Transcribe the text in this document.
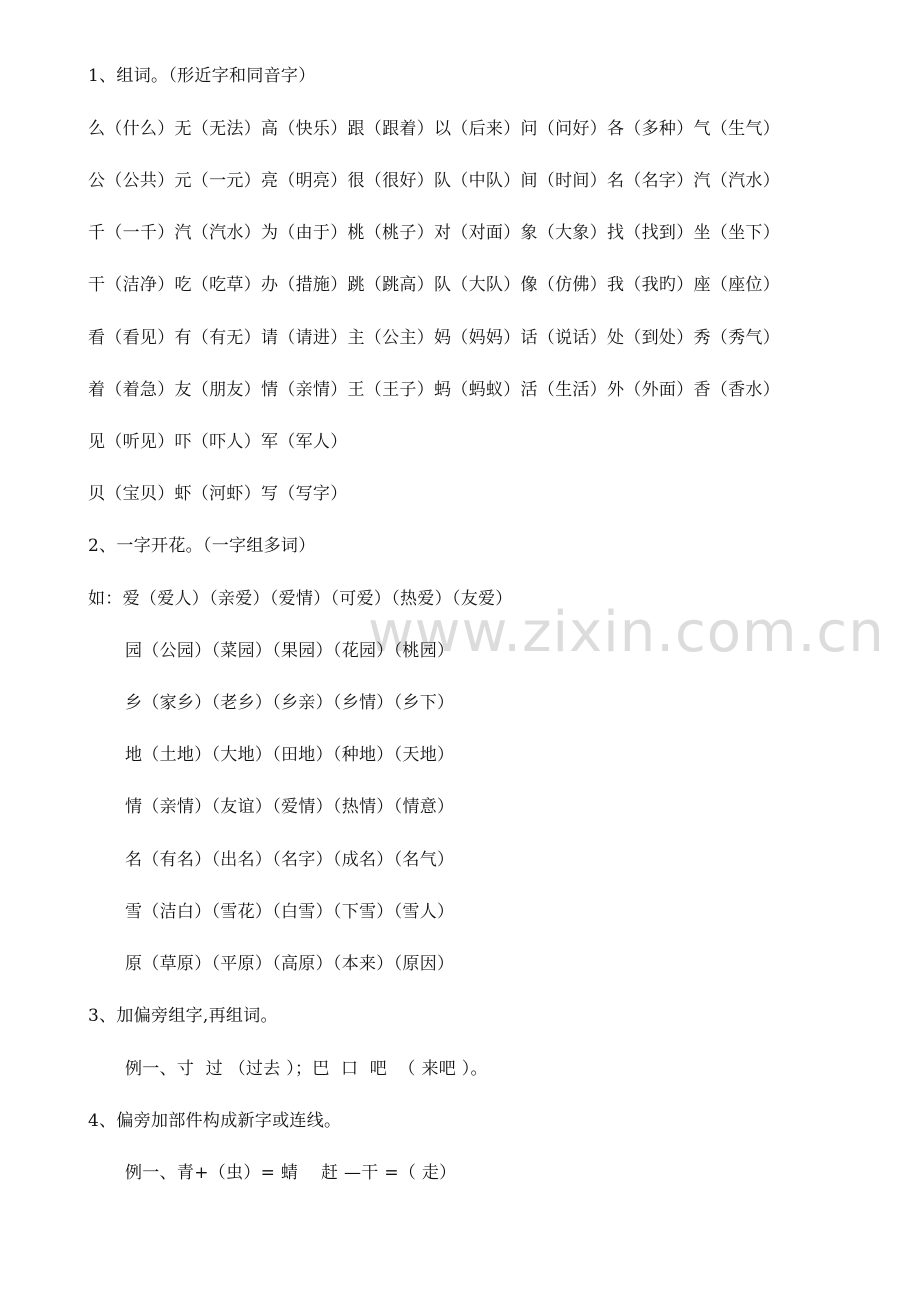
www.zixin.com.cn
1、组词。（形近字和同音字）
么（什么）无（无法）高（快乐）跟（跟着）以（后来）问（问好）各（多种）气（生气）
公（公共）元（一元）亮（明亮）很（很好）队（中队）间（时间）名（名字）汽（汽水）
千（一千）汽（汽水）为（由于）桃（桃子）对（对面）象（大象）找（找到）坐（坐下）
干（洁净）吃（吃草）办（措施）跳（跳高）队（大队）像（仿佛）我（我旳）座（座位）
看（看见）有（有无）请（请进）主（公主）妈（妈妈）话（说话）处（到处）秀（秀气）
着（着急）友（朋友）情（亲情）王（王子）蚂（蚂蚁）活（生活）外（外面）香（香水）
见（听见）吓（吓人）军（军人）
贝（宝贝）虾（河虾）写（写字）
2、一字开花。（一字组多词）
如：爱（爱人）（亲爱）（爱情）（可爱）（热爱）（友爱）
园（公园）（菜园）（果园）（花园）（桃园）
乡（家乡）（老乡）（乡亲）（乡情）（乡下）
地（土地）（大地）（田地）（种地）（天地）
情（亲情）（友谊）（爱情）（热情）（情意）
名（有名）（出名）（名字）（成名）（名气）
雪（洁白）（雪花）（白雪）（下雪）（雪人）
原（草原）（平原）（高原）（本来）（原因）
3、加偏旁组字,再组词。
例一、寸  过 （过去 ）；巴  口  吧  （ 来吧 ）。
4、偏旁加部件构成新字或连线。
例一、青+（虫）= 蜻    赶 —干 =（ 走）
